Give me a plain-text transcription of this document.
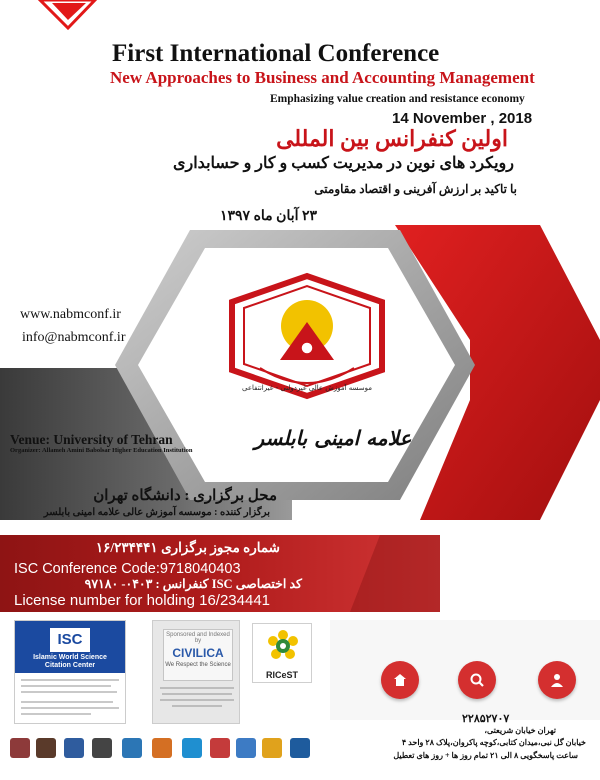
موسسه آموزش عالی غیردولتی - غیرانتفاعی
علامه امینی بابلسر
First International Conference
New Approaches to Business and Accounting Management
Emphasizing value creation and resistance economy
14 November , 2018
اولین کنفرانس بین المللی
رویکرد های نوین در مدیریت کسب و کار و حسابداری
با تاکید بر ارزش آفرینی و اقتصاد مقاومتی
۲۳ آبان ماه ۱۳۹۷
www.nabmconf.ir
info@nabmconf.ir
Venue: University of Tehran
Organizer: Allameh Amini Babolsar Higher Education Institution
محل برگزاری : دانشگاه تهران
برگزار کننده : موسسه آموزش عالی علامه امینی بابلسر
شماره مجوز برگزاری ۱۶/۲۳۴۴۴۱
ISC Conference Code:9718040403
کد اختصاصی ISC کنفرانس : ۰۴۰۳- ۹۷۱۸۰
License number for holding 16/234441
ISC
Islamic World Science
Citation Center
Sponsored and Indexed by
CIVILICA
We Respect the Science
RICeST
۲۲۸۵۲۷۰۷
تهران خیابان شریعتی،
خیابان گل نبی،میدان کتابی،کوچه پاکروان،پلاک ۲۸ واحد ۴
ساعت پاسخگویی ۸ الی ۲۱ تمام روز ها + روز های تعطیل
